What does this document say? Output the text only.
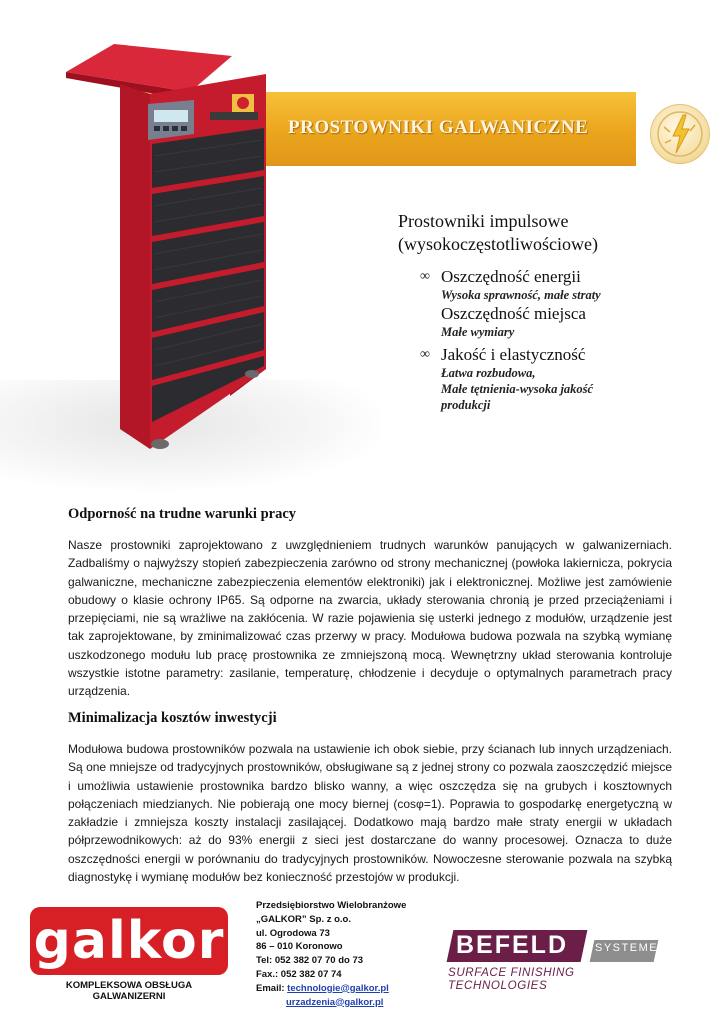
PROSTOWNIKI GALWANICZNE
Prostowniki impulsowe
(wysokoczęstotliwościowe)
∞ Oszczędność energii
Wysoka sprawność, małe straty
Oszczędność miejsca
Małe wymiary
∞ Jakość i elastyczność
Łatwa rozbudowa,
Małe tętnienia-wysoka jakość
produkcji
Odporność na trudne warunki pracy
Nasze prostowniki zaprojektowano z uwzględnieniem trudnych warunków panujących w galwanizerniach. Zadbaliśmy o najwyższy stopień zabezpieczenia zarówno od strony mechanicznej (powłoka lakiernicza, pokrycia galwaniczne, mechaniczne zabezpieczenia elementów elektroniki) jak i elektronicznej. Możliwe jest zamówienie obudowy o klasie ochrony IP65. Są odporne na zwarcia, układy sterowania chronią je przed przeciążeniami i przepięciami, nie są wrażliwe na zakłócenia. W razie pojawienia się usterki jednego z modułów, urządzenie jest tak zaprojektowane, by zminimalizować czas przerwy w pracy. Modułowa budowa pozwala na szybką wymianę uszkodzonego modułu lub pracę prostownika ze zmniejszoną mocą. Wewnętrzny układ sterowania kontroluje wszystkie istotne parametry: zasilanie, temperaturę, chłodzenie i decyduje o optymalnych parametrach pracy urządzenia.
Minimalizacja kosztów inwestycji
Modułowa budowa prostowników pozwala na ustawienie ich obok siebie, przy ścianach lub innych urządzeniach. Są one mniejsze od tradycyjnych prostowników, obsługiwane są z jednej strony co pozwala zaoszczędzić miejsce i umożliwia ustawienie prostownika bardzo blisko wanny, a więc oszczędza się na grubych i kosztownych połączeniach miedzianych. Nie pobierają one mocy biernej (cosφ=1). Poprawia to gospodarkę energetyczną w zakładzie i zmniejsza koszty instalacji zasilającej. Dodatkowo mają bardzo małe straty energii w układach półprzewodnikowych: aż do 93% energii z sieci jest dostarczane do wanny procesowej. Oznacza to duże oszczędności energii w porównaniu do tradycyjnych prostowników. Nowoczesne sterowanie pozwala na szybką diagnostykę i wymianę modułów bez konieczność przestojów w produkcji.
galkor
KOMPLEKSOWA OBSŁUGA GALWANIZERNI
Przedsiębiorstwo Wielobranżowe
„GALKOR” Sp. z o.o.
ul. Ogrodowa 73
86 – 010 Koronowo
Tel: 052 382 07 70 do 73
Fax.: 052 382 07 74
Email: technologie@galkor.pl
urzadzenia@galkor.pl
BEFELD SYSTEME
SURFACE FINISHING TECHNOLOGIES
